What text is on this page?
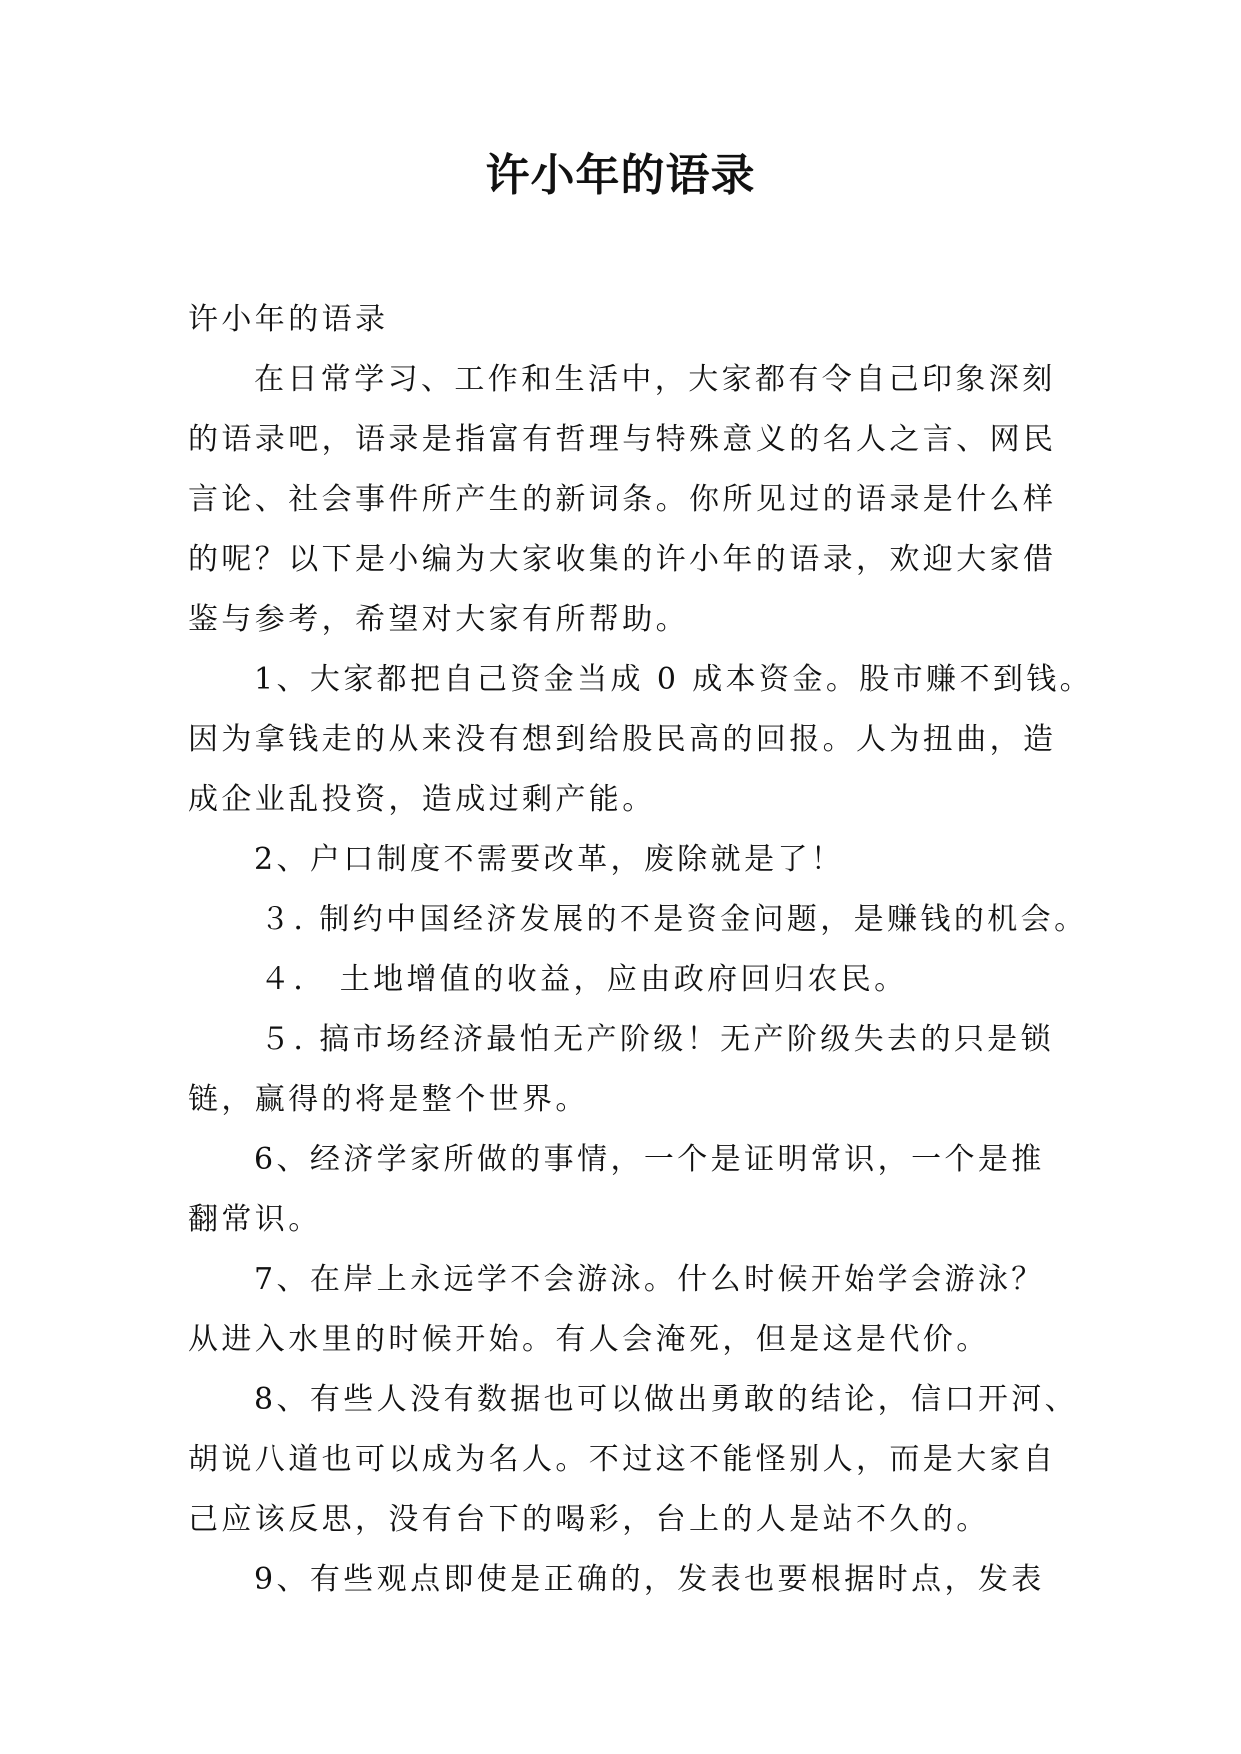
许小年的语录
许小年的语录
在日常学习、工作和生活中，大家都有令自己印象深刻
的语录吧，语录是指富有哲理与特殊意义的名人之言、网民
言论、社会事件所产生的新词条。你所见过的语录是什么样
的呢？以下是小编为大家收集的许小年的语录，欢迎大家借
鉴与参考，希望对大家有所帮助。
1、大家都把自己资金当成 0 成本资金。股市赚不到钱。
因为拿钱走的从来没有想到给股民高的回报。人为扭曲，造
成企业乱投资，造成过剩产能。
2、户口制度不需要改革，废除就是了！
３. 制约中国经济发展的不是资金问题，是赚钱的机会。
４． 土地增值的收益，应由政府回归农民。
５. 搞市场经济最怕无产阶级！无产阶级失去的只是锁
链，赢得的将是整个世界。
6、经济学家所做的事情，一个是证明常识，一个是推
翻常识。
7、在岸上永远学不会游泳。什么时候开始学会游泳？
从进入水里的时候开始。有人会淹死，但是这是代价。
8、有些人没有数据也可以做出勇敢的结论，信口开河、
胡说八道也可以成为名人。不过这不能怪别人，而是大家自
己应该反思，没有台下的喝彩，台上的人是站不久的。
9、有些观点即使是正确的，发表也要根据时点，发表
